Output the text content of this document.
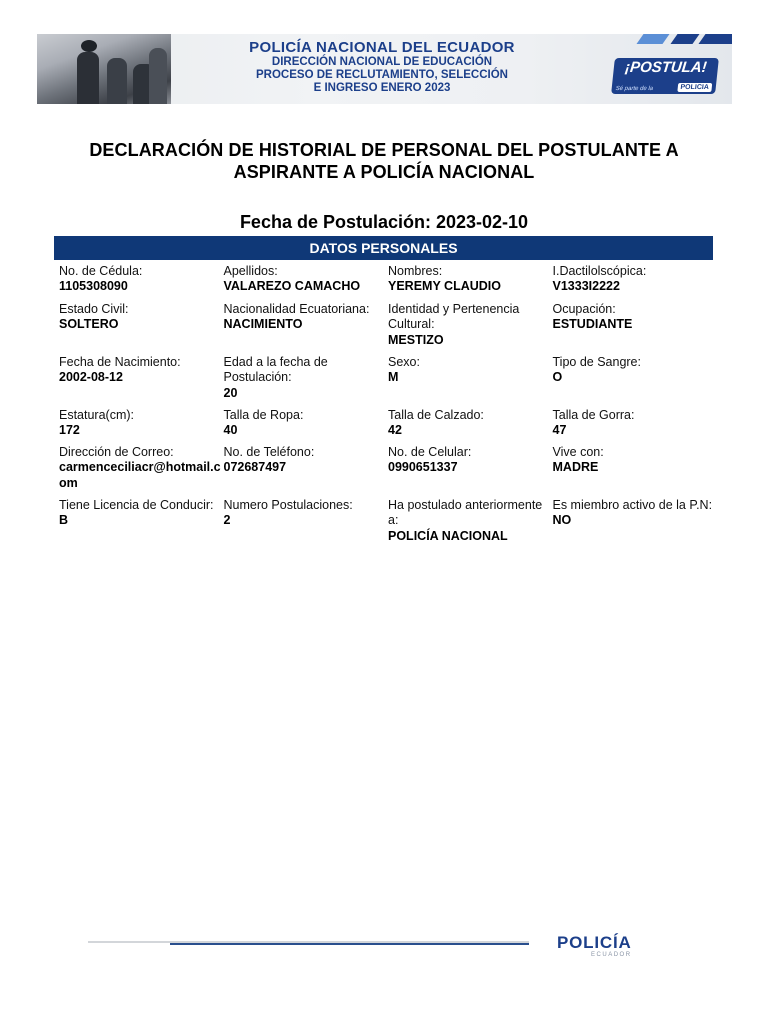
POLICÍA NACIONAL DEL ECUADOR
DIRECCIÓN NACIONAL DE EDUCACIÓN
PROCESO DE RECLUTAMIENTO, SELECCIÓN
E INGRESO ENERO 2023
¡POSTULA!
Sé parte de la	POLICIA
DECLARACIÓN DE HISTORIAL DE PERSONAL DEL POSTULANTE A
ASPIRANTE A POLICÍA NACIONAL
Fecha de Postulación: 2023-02-10
DATOS PERSONALES
No. de Cédula:
1105308090
Apellidos:
VALAREZO CAMACHO
Nombres:
YEREMY CLAUDIO
I.Dactilolscópica:
V1333I2222
Estado Civil:
SOLTERO
Nacionalidad Ecuatoriana:
NACIMIENTO
Identidad y Pertenencia Cultural:
MESTIZO
Ocupación:
ESTUDIANTE
Fecha de Nacimiento:
2002-08-12
Edad a la fecha de Postulación:
20
Sexo:
M
Tipo de Sangre:
O
Estatura(cm):
172
Talla de Ropa:
40
Talla de Calzado:
42
Talla de Gorra:
47
Dirección de Correo:
carmenceciliacr@hotmail.com
No. de Teléfono:
072687497
No. de Celular:
0990651337
Vive con:
MADRE
Tiene Licencia de Conducir:
B
Numero Postulaciones:
2
Ha postulado anteriormente a:
POLICÍA NACIONAL
Es miembro activo de la P.N:
NO
POLICÍA
ECUADOR
